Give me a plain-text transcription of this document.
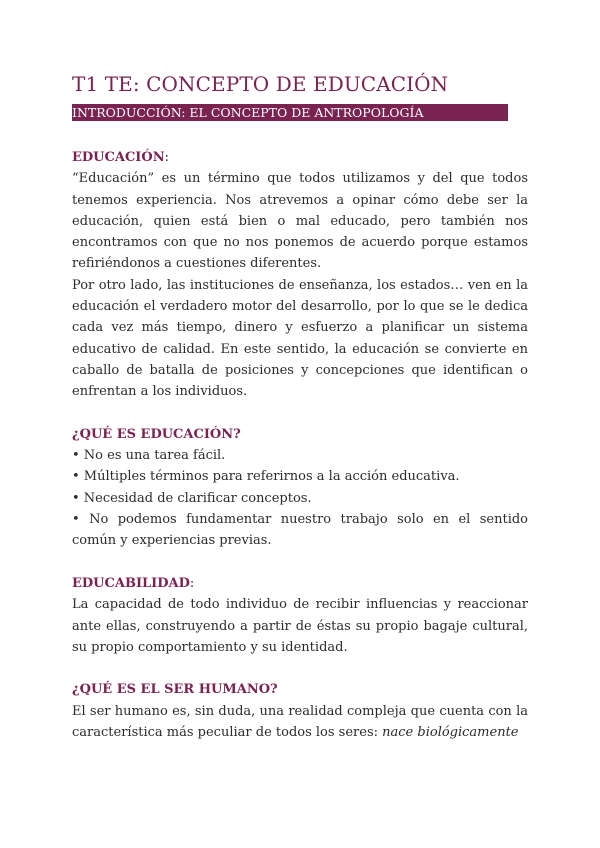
T1 TE: CONCEPTO DE EDUCACIÓN
INTRODUCCIÓN: EL CONCEPTO DE ANTROPOLOGÍA

EDUCACIÓN:

“Educación” es un término que todos utilizamos y del que todos tenemos experiencia. Nos atrevemos a opinar cómo debe ser la educación, quien está bien o mal educado, pero también nos encontramos con que no nos ponemos de acuerdo porque estamos refiriéndonos a cuestiones diferentes.

Por otro lado, las instituciones de enseñanza, los estados… ven en la educación el verdadero motor del desarrollo, por lo que se le dedica cada vez más tiempo, dinero y esfuerzo a planificar un sistema educativo de calidad. En este sentido, la educación se convierte en caballo de batalla de posiciones y concepciones que identifican o enfrentan a los individuos.

¿QUÉ ES EDUCACIÓN?

• No es una tarea fácil.

• Múltiples términos para referirnos a la acción educativa.

• Necesidad de clarificar conceptos.

• No podemos fundamentar nuestro trabajo solo en el sentido común y experiencias previas.

EDUCABILIDAD:

La capacidad de todo individuo de recibir influencias y reaccionar ante ellas, construyendo a partir de éstas su propio bagaje cultural, su propio comportamiento y su identidad.

¿QUÉ ES EL SER HUMANO?

El ser humano es, sin duda, una realidad compleja que cuenta con la característica más peculiar de todos los seres: nace biológicamente
